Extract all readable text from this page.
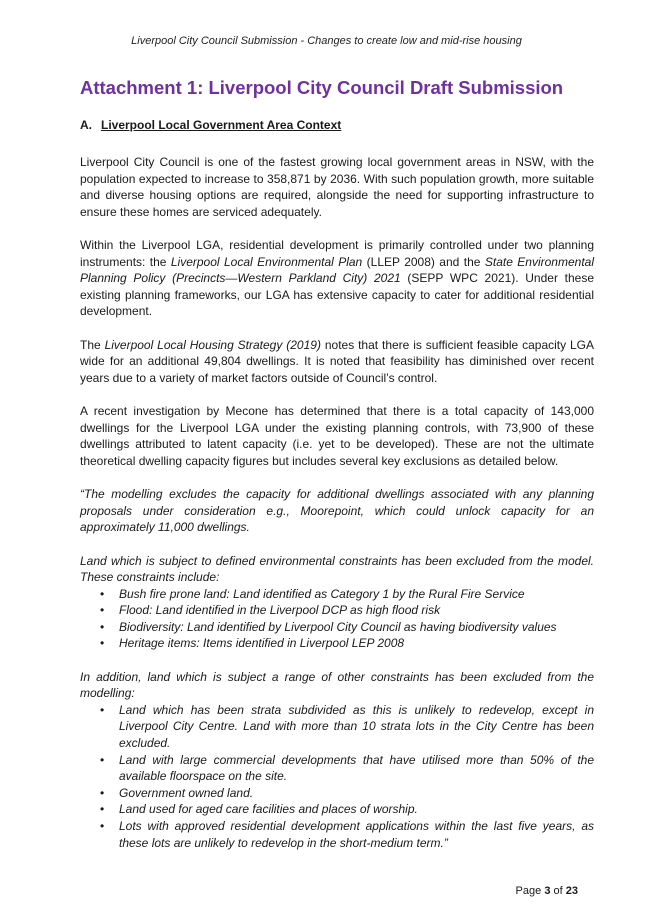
Liverpool City Council Submission - Changes to create low and mid-rise housing
Attachment 1: Liverpool City Council Draft Submission
A. Liverpool Local Government Area Context

Liverpool City Council is one of the fastest growing local government areas in NSW, with the population expected to increase to 358,871 by 2036. With such population growth, more suitable and diverse housing options are required, alongside the need for supporting infrastructure to ensure these homes are serviced adequately.

Within the Liverpool LGA, residential development is primarily controlled under two planning instruments: the Liverpool Local Environmental Plan (LLEP 2008) and the State Environmental Planning Policy (Precincts—Western Parkland City) 2021 (SEPP WPC 2021). Under these existing planning frameworks, our LGA has extensive capacity to cater for additional residential development.

The Liverpool Local Housing Strategy (2019) notes that there is sufficient feasible capacity LGA wide for an additional 49,804 dwellings. It is noted that feasibility has diminished over recent years due to a variety of market factors outside of Council’s control.

A recent investigation by Mecone has determined that there is a total capacity of 143,000 dwellings for the Liverpool LGA under the existing planning controls, with 73,900 of these dwellings attributed to latent capacity (i.e. yet to be developed). These are not the ultimate theoretical dwelling capacity figures but includes several key exclusions as detailed below.

“The modelling excludes the capacity for additional dwellings associated with any planning proposals under consideration e.g., Moorepoint, which could unlock capacity for an approximately 11,000 dwellings.

Land which is subject to defined environmental constraints has been excluded from the model. These constraints include:

• Bush fire prone land: Land identified as Category 1 by the Rural Fire Service
• Flood: Land identified in the Liverpool DCP as high flood risk
• Biodiversity: Land identified by Liverpool City Council as having biodiversity values
• Heritage items: Items identified in Liverpool LEP 2008

In addition, land which is subject a range of other constraints has been excluded from the modelling:

• Land which has been strata subdivided as this is unlikely to redevelop, except in Liverpool City Centre. Land with more than 10 strata lots in the City Centre has been excluded.
• Land with large commercial developments that have utilised more than 50% of the available floorspace on the site.
• Government owned land.
• Land used for aged care facilities and places of worship.
• Lots with approved residential development applications within the last five years, as these lots are unlikely to redevelop in the short-medium term.”
Page 3 of 23
